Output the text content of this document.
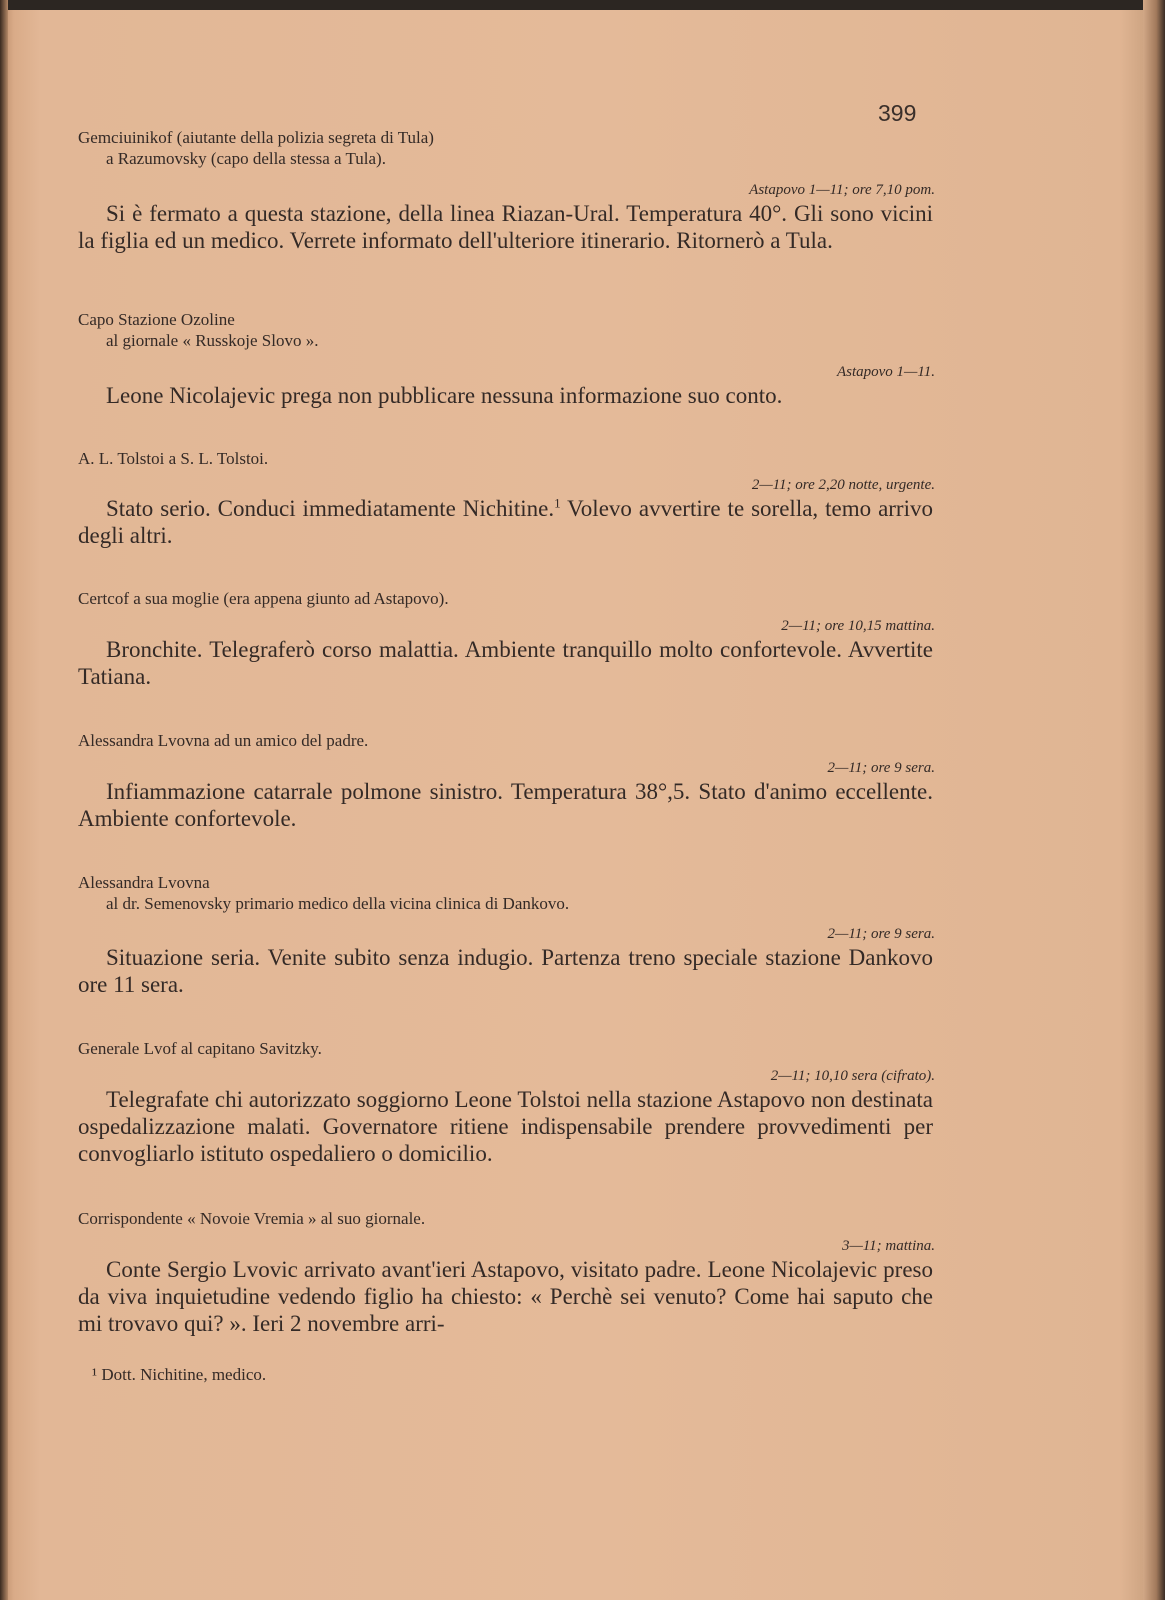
399
Gemciuinikof (aiutante della polizia segreta di Tula)
a Razumovsky (capo della stessa a Tula).
Astapovo 1—11; ore 7,10 pom.
Si è fermato a questa stazione, della linea Riazan-Ural. Temperatura 40°. Gli sono vicini la figlia ed un medico. Verrete informato dell'ulteriore itinerario. Ritornerò a Tula.
Capo Stazione Ozoline
al giornale « Russkoje Slovo ».
Astapovo 1—11.
Leone Nicolajevic prega non pubblicare nessuna informazione suo conto.
A. L. Tolstoi a S. L. Tolstoi.
2—11; ore 2,20 notte, urgente.
Stato serio. Conduci immediatamente Nichitine.$^1$ Volevo avvertire te sorella, temo arrivo degli altri.
Certcof a sua moglie (era appena giunto ad Astapovo).
2—11; ore 10,15 mattina.
Bronchite. Telegraferò corso malattia. Ambiente tranquillo molto confortevole. Avvertite Tatiana.
Alessandra Lvovna ad un amico del padre.
2—11; ore 9 sera.
Infiammazione catarrale polmone sinistro. Temperatura 38°,5. Stato d'animo eccellente. Ambiente confortevole.
Alessandra Lvovna
al dr. Semenovsky primario medico della vicina clinica di Dankovo.
2—11; ore 9 sera.
Situazione seria. Venite subito senza indugio. Partenza treno speciale stazione Dankovo ore 11 sera.
Generale Lvof al capitano Savitzky.
2—11; 10,10 sera (cifrato).
Telegrafate chi autorizzato soggiorno Leone Tolstoi nella stazione Astapovo non destinata ospedalizzazione malati. Governatore ritiene indispensabile prendere provvedimenti per convogliarlo istituto ospedaliero o domicilio.
Corrispondente « Novoie Vremia » al suo giornale.
3—11; mattina.
Conte Sergio Lvovic arrivato avant'ieri Astapovo, visitato padre. Leone Nicolajevic preso da viva inquietudine vedendo figlio ha chiesto: « Perchè sei venuto? Come hai saputo che mi trovavo qui? ». Ieri 2 novembre arri-
¹ Dott. Nichitine, medico.
